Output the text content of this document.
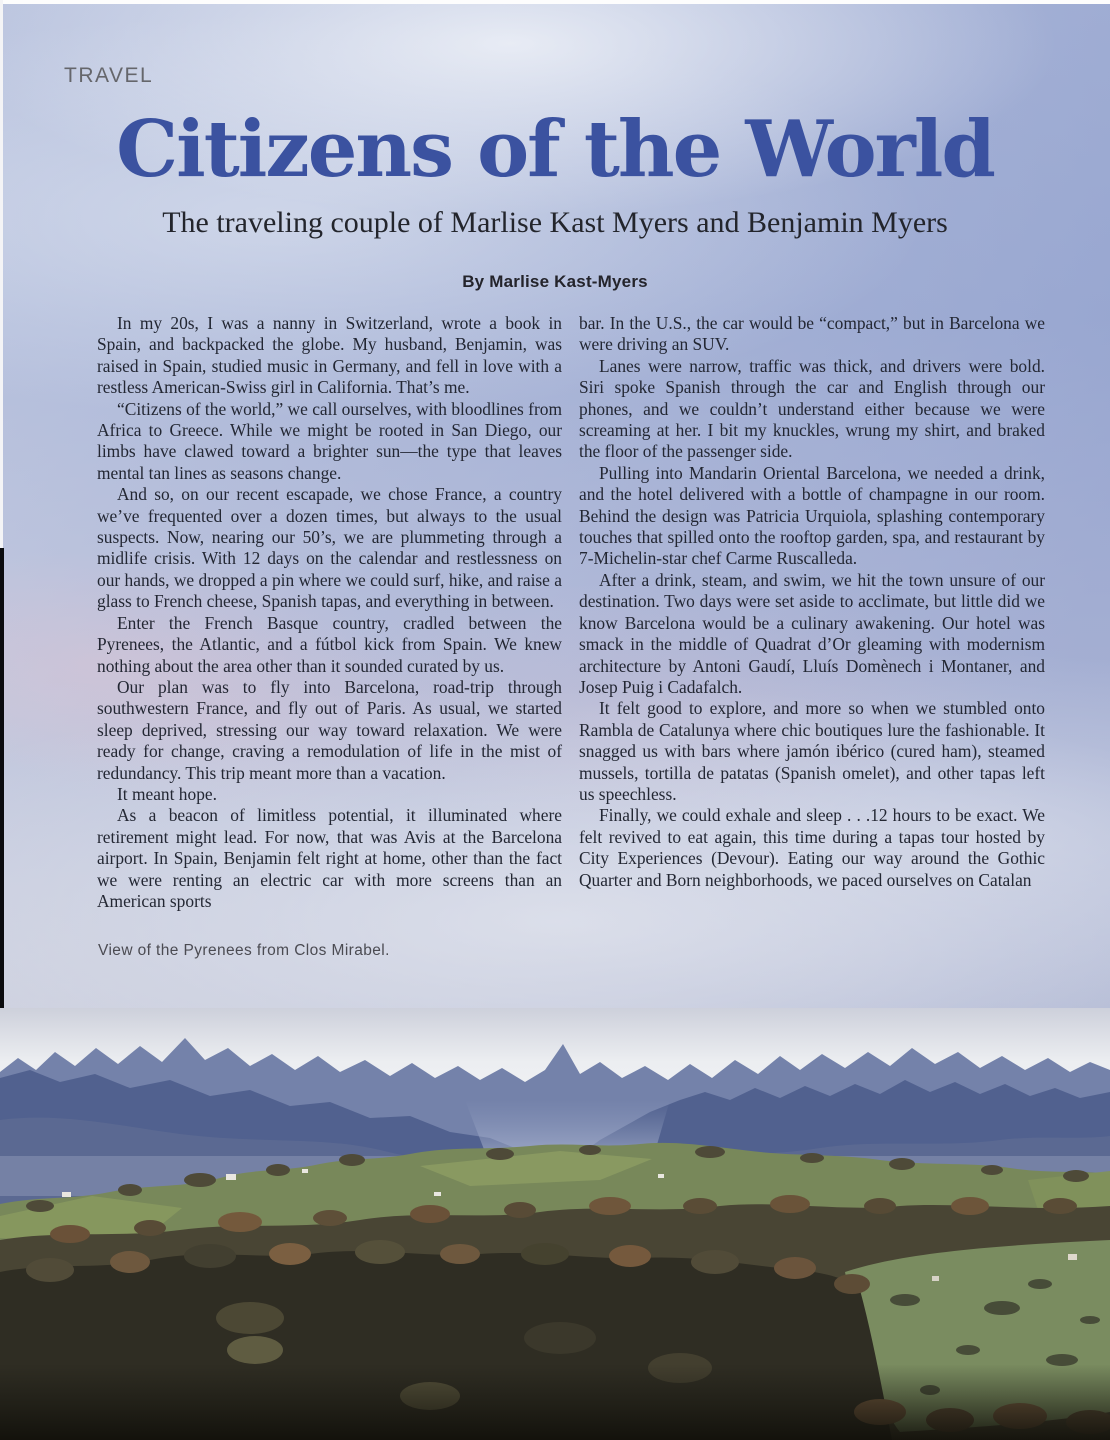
TRAVEL
Citizens of the World
The traveling couple of Marlise Kast Myers and Benjamin Myers
By Marlise Kast-Myers

In my 20s, I was a nanny in Switzerland, wrote a book in Spain, and backpacked the globe. My husband, Benjamin, was raised in Spain, studied music in Germany, and fell in love with a restless American-Swiss girl in California. That’s me.

“Citizens of the world,” we call ourselves, with bloodlines from Africa to Greece. While we might be rooted in San Diego, our limbs have clawed toward a brighter sun—the type that leaves mental tan lines as seasons change.

And so, on our recent escapade, we chose France, a country we’ve frequented over a dozen times, but always to the usual suspects. Now, nearing our 50’s, we are plummeting through a midlife crisis. With 12 days on the calendar and restlessness on our hands, we dropped a pin where we could surf, hike, and raise a glass to French cheese, Spanish tapas, and everything in between.

Enter the French Basque country, cradled between the Pyrenees, the Atlantic, and a fútbol kick from Spain. We knew nothing about the area other than it sounded curated by us.

Our plan was to fly into Barcelona, road-trip through southwestern France, and fly out of Paris. As usual, we started sleep deprived, stressing our way toward relaxation. We were ready for change, craving a remodulation of life in the mist of redundancy. This trip meant more than a vacation.

It meant hope.

As a beacon of limitless potential, it illuminated where retirement might lead. For now, that was Avis at the Barcelona airport. In Spain, Benjamin felt right at home, other than the fact we were renting an electric car with more screens than an American sports

bar. In the U.S., the car would be “compact,” but in Barcelona we were driving an SUV.

Lanes were narrow, traffic was thick, and drivers were bold. Siri spoke Spanish through the car and English through our phones, and we couldn’t understand either because we were screaming at her. I bit my knuckles, wrung my shirt, and braked the floor of the passenger side.

Pulling into Mandarin Oriental Barcelona, we needed a drink, and the hotel delivered with a bottle of champagne in our room. Behind the design was Patricia Urquiola, splashing contemporary touches that spilled onto the rooftop garden, spa, and restaurant by 7-Michelin-star chef Carme Ruscalleda.

After a drink, steam, and swim, we hit the town unsure of our destination. Two days were set aside to acclimate, but little did we know Barcelona would be a culinary awakening. Our hotel was smack in the middle of Quadrat d’Or gleaming with modernism architecture by Antoni Gaudí, Lluís Domènech i Montaner, and Josep Puig i Cadafalch.

It felt good to explore, and more so when we stumbled onto Rambla de Catalunya where chic boutiques lure the fashionable. It snagged us with bars where jamón ibérico (cured ham), steamed mussels, tortilla de patatas (Spanish omelet), and other tapas left us speechless.

Finally, we could exhale and sleep . . .12 hours to be exact. We felt revived to eat again, this time during a tapas tour hosted by City Experiences (Devour). Eating our way around the Gothic Quarter and Born neighborhoods, we paced ourselves on Catalan

View of the Pyrenees from Clos Mirabel.
